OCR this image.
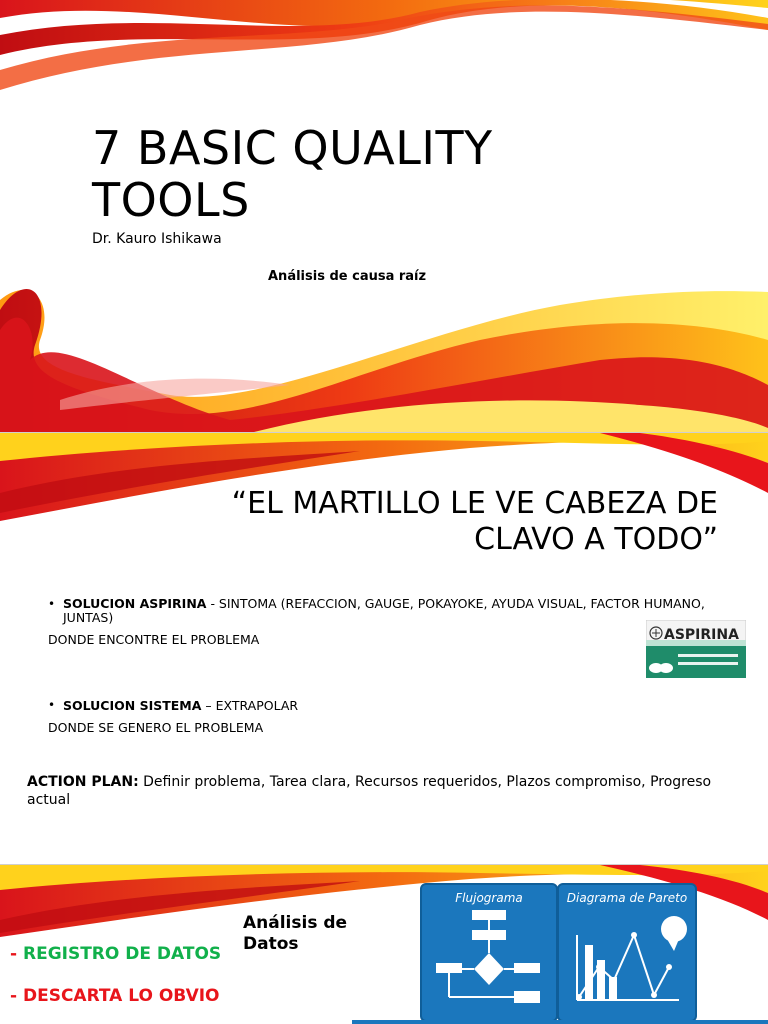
7 BASIC QUALITY
TOOLS
Dr. Kauro Ishikawa
Análisis de causa raíz
“EL MARTILLO LE VE CABEZA DE
CLAVO A TODO”
• SOLUCION ASPIRINA - SINTOMA (REFACCION, GAUGE, POKAYOKE, AYUDA VISUAL, FACTOR HUMANO,
JUNTAS)
DONDE ENCONTRE EL PROBLEMA	ASPIRINA
• SOLUCION SISTEMA – EXTRAPOLAR
DONDE SE GENERO EL PROBLEMA
ACTION PLAN: Definir problema, Tarea clara, Recursos requeridos, Plazos compromiso, Progreso actual
Análisis de
Datos
- REGISTRO DE DATOS
- DESCARTA LO OBVIO
Flujograma	Diagrama de Pareto
